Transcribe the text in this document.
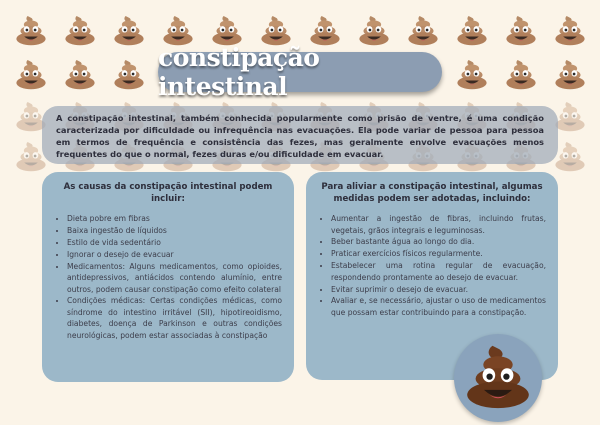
constipação intestinal
A constipação intestinal, também conhecida popularmente como prisão de ventre, é uma condição caracterizada por dificuldade ou infrequência nas evacuações. Ela pode variar de pessoa para pessoa em termos de frequência e consistência das fezes, mas geralmente envolve evacuações menos frequentes do que o normal, fezes duras e/ou dificuldade em evacuar.
As causas da constipação intestinal podem incluir:
• Dieta pobre em fibras
• Baixa ingestão de líquidos
• Estilo de vida sedentário
• Ignorar o desejo de evacuar
• Medicamentos: Alguns medicamentos, como opioides, antidepressivos, antiácidos contendo alumínio, entre outros, podem causar constipação como efeito colateral
• Condições médicas: Certas condições médicas, como síndrome do intestino irritável (SII), hipotireoidismo, diabetes, doença de Parkinson e outras condições neurológicas, podem estar associadas à constipação
Para aliviar a constipação intestinal, algumas medidas podem ser adotadas, incluindo:
• Aumentar a ingestão de fibras, incluindo frutas, vegetais, grãos integrais e leguminosas.
• Beber bastante água ao longo do dia.
• Praticar exercícios físicos regularmente.
• Estabelecer uma rotina regular de evacuação, respondendo prontamente ao desejo de evacuar.
• Evitar suprimir o desejo de evacuar.
• Avaliar e, se necessário, ajustar o uso de medicamentos que possam estar contribuindo para a constipação.
